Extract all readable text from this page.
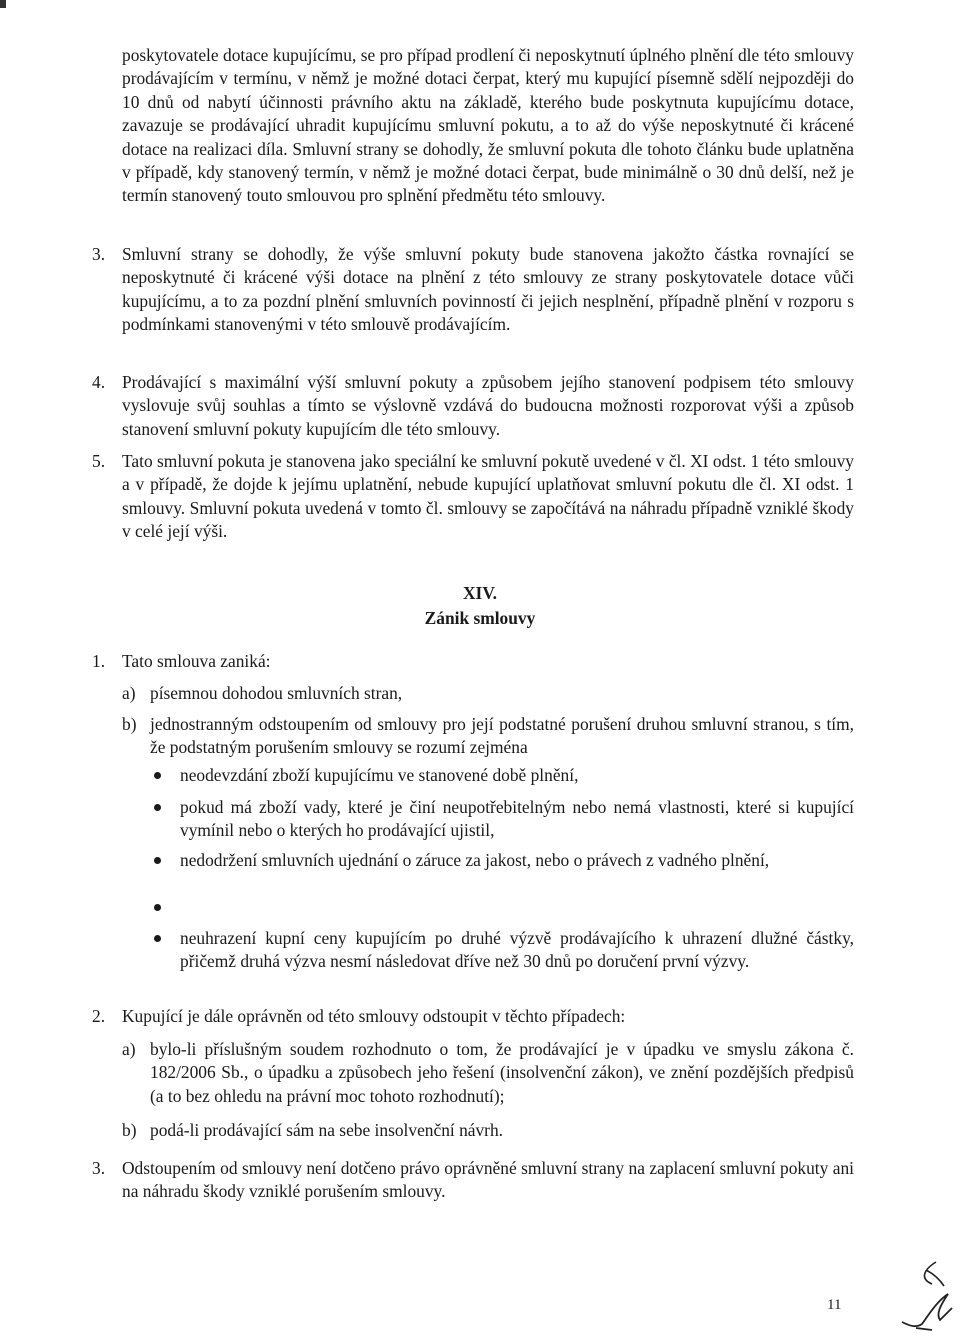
poskytovatele dotace kupujícímu, se pro případ prodlení či neposkytnutí úplného plnění dle této smlouvy prodávajícím v termínu, v němž je možné dotaci čerpat, který mu kupující písemně sdělí nejpozději do 10 dnů od nabytí účinnosti právního aktu na základě, kterého bude poskytnuta kupujícímu dotace, zavazuje se prodávající uhradit kupujícímu smluvní pokutu, a to až do výše neposkytnuté či krácené dotace na realizaci díla. Smluvní strany se dohodly, že smluvní pokuta dle tohoto článku bude uplatněna v případě, kdy stanovený termín, v němž je možné dotaci čerpat, bude minimálně o 30 dnů delší, než je termín stanovený touto smlouvou pro splnění předmětu této smlouvy.
3. Smluvní strany se dohodly, že výše smluvní pokuty bude stanovena jakožto částka rovnající se neposkytnuté či krácené výši dotace na plnění z této smlouvy ze strany poskytovatele dotace vůči kupujícímu, a to za pozdní plnění smluvních povinností či jejich nesplnění, případně plnění v rozporu s podmínkami stanovenými v této smlouvě prodávajícím.
4. Prodávající s maximální výší smluvní pokuty a způsobem jejího stanovení podpisem této smlouvy vyslovuje svůj souhlas a tímto se výslovně vzdává do budoucna možnosti rozporovat výši a způsob stanovení smluvní pokuty kupujícím dle této smlouvy.
5. Tato smluvní pokuta je stanovena jako speciální ke smluvní pokutě uvedené v čl. XI odst. 1 této smlouvy a v případě, že dojde k jejímu uplatnění, nebude kupující uplatňovat smluvní pokutu dle čl. XI odst. 1 smlouvy. Smluvní pokuta uvedená v tomto čl. smlouvy se započítává na náhradu případně vzniklé škody v celé její výši.
XIV.
Zánik smlouvy
1. Tato smlouva zaniká:
a) písemnou dohodou smluvních stran,
b) jednostranným odstoupením od smlouvy pro její podstatné porušení druhou smluvní stranou, s tím, že podstatným porušením smlouvy se rozumí zejména
neodevzdání zboží kupujícímu ve stanovené době plnění,
pokud má zboží vady, které je činí neupotřebitelným nebo nemá vlastnosti, které si kupující vymínil nebo o kterých ho prodávající ujistil,
nedodržení smluvních ujednání o záruce za jakost, nebo o právech z vadného plnění,
neuhrazení kupní ceny kupujícím po druhé výzvě prodávajícího k uhrazení dlužné částky, přičemž druhá výzva nesmí následovat dříve než 30 dnů po doručení první výzvy.
2. Kupující je dále oprávněn od této smlouvy odstoupit v těchto případech:
a) bylo-li příslušným soudem rozhodnuto o tom, že prodávající je v úpadku ve smyslu zákona č. 182/2006 Sb., o úpadku a způsobech jeho řešení (insolvenční zákon), ve znění pozdějších předpisů (a to bez ohledu na právní moc tohoto rozhodnutí);
b) podá-li prodávající sám na sebe insolvenční návrh.
3. Odstoupením od smlouvy není dotčeno právo oprávněné smluvní strany na zaplacení smluvní pokuty ani na náhradu škody vzniklé porušením smlouvy.
11
